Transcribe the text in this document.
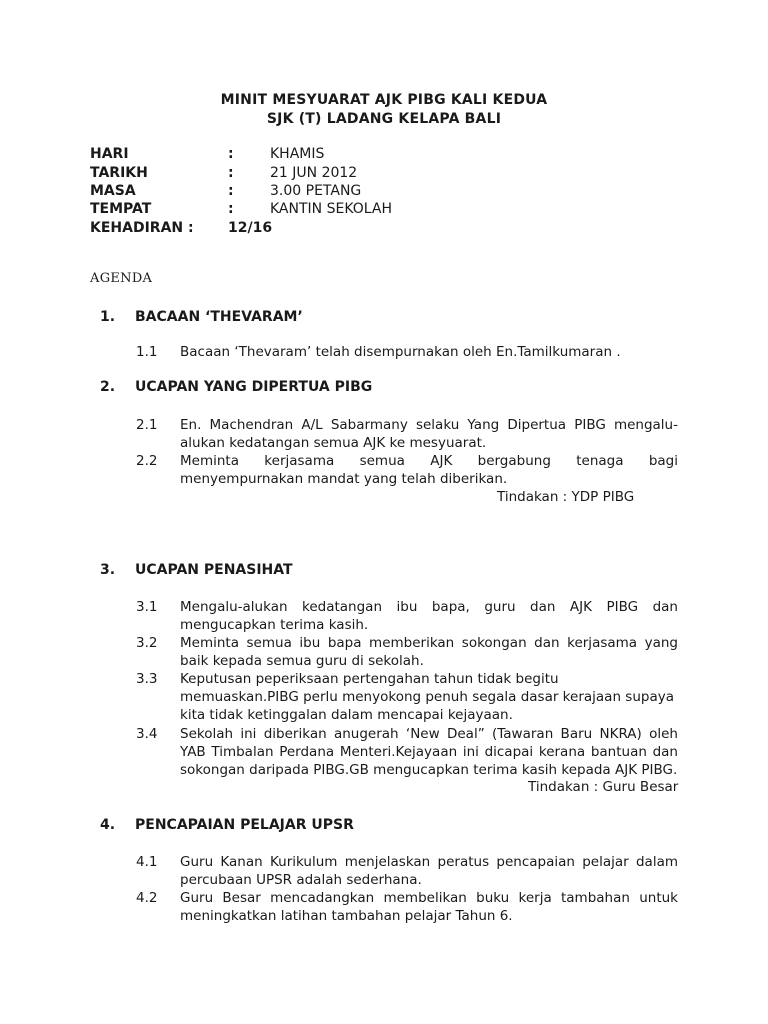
MINIT MESYUARAT AJK PIBG KALI KEDUA
SJK (T) LADANG KELAPA BALI
HARI	:	KHAMIS
TARIKH	:	21 JUN 2012
MASA	:	3.00 PETANG
TEMPAT	:	KANTIN SEKOLAH
KEHADIRAN : 12/16
AGENDA
1. BACAAN ‘THEVARAM’
1.1 Bacaan ‘Thevaram’ telah disempurnakan oleh En.Tamilkumaran .
2. UCAPAN YANG DIPERTUA PIBG
2.1 En. Machendran A/L Sabarmany selaku Yang Dipertua PIBG mengalu-alukan kedatangan semua AJK ke mesyuarat.
2.2 Meminta kerjasama semua AJK bergabung tenaga bagi menyempurnakan mandat yang telah diberikan.
Tindakan : YDP PIBG
3. UCAPAN PENASIHAT
3.1 Mengalu-alukan kedatangan ibu bapa, guru dan AJK PIBG dan mengucapkan terima kasih.
3.2 Meminta semua ibu bapa memberikan sokongan dan kerjasama yang baik kepada semua guru di sekolah.
3.3 Keputusan peperiksaan pertengahan tahun tidak begitu memuaskan.PIBG perlu menyokong penuh segala dasar kerajaan supaya kita tidak ketinggalan dalam mencapai kejayaan.
3.4 Sekolah ini diberikan anugerah ‘New Deal” (Tawaran Baru NKRA) oleh YAB Timbalan Perdana Menteri.Kejayaan ini dicapai kerana bantuan dan sokongan daripada PIBG.GB mengucapkan terima kasih kepada AJK PIBG.
Tindakan : Guru Besar
4. PENCAPAIAN PELAJAR UPSR
4.1 Guru Kanan Kurikulum menjelaskan peratus pencapaian pelajar dalam percubaan UPSR adalah sederhana.
4.2 Guru Besar mencadangkan membelikan buku kerja tambahan untuk meningkatkan latihan tambahan pelajar Tahun 6.
